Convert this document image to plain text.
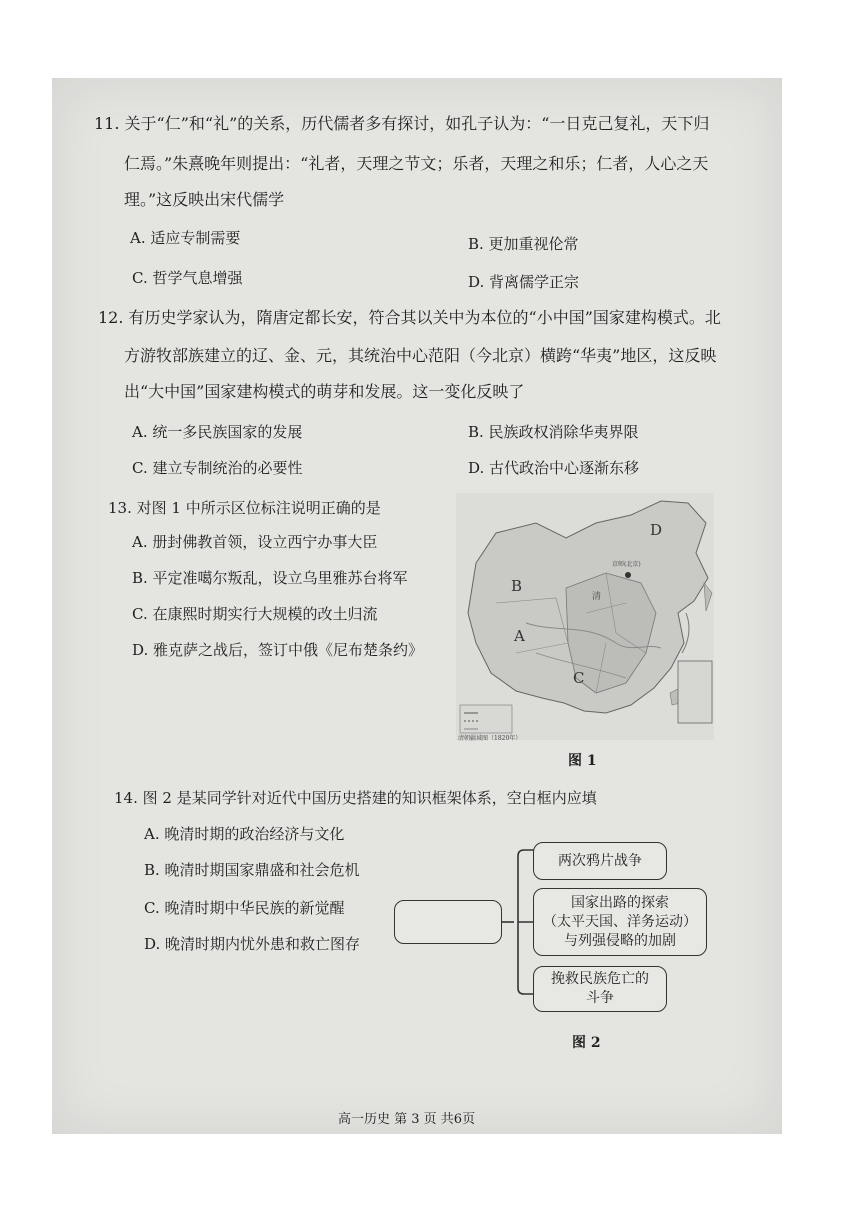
11. 关于“仁”和“礼”的关系，历代儒者多有探讨，如孔子认为：“一日克己复礼，天下归
仁焉。”朱熹晚年则提出：“礼者，天理之节文；乐者，天理之和乐；仁者，人心之天
理。”这反映出宋代儒学
A. 适应专制需要	B. 更加重视伦常
C. 哲学气息增强	D. 背离儒学正宗
12. 有历史学家认为，隋唐定都长安，符合其以关中为本位的“小中国”国家建构模式。北
方游牧部族建立的辽、金、元，其统治中心范阳（今北京）横跨“华夷”地区，这反映
出“大中国”国家建构模式的萌芽和发展。这一变化反映了
A. 统一多民族国家的发展	B. 民族政权消除华夷界限
C. 建立专制统治的必要性	D. 古代政治中心逐渐东移
13. 对图 1 中所示区位标注说明正确的是
A. 册封佛教首领，设立西宁办事大臣
B. 平定准噶尔叛乱，设立乌里雅苏台将军
C. 在康熙时期实行大规模的改土归流
D. 雅克萨之战后，签订中俄《尼布楚条约》
B
A
C
D
清
京师(北京)
清朝疆域图（1820年）
图 1
14. 图 2 是某同学针对近代中国历史搭建的知识框架体系，空白框内应填
A. 晚清时期的政治经济与文化
B. 晚清时期国家鼎盛和社会危机
C. 晚清时期中华民族的新觉醒
D. 晚清时期内忧外患和救亡图存
两次鸦片战争
国家出路的探索
（太平天国、洋务运动）
与列强侵略的加剧
挽救民族危亡的
斗争
图 2
高一历史 第 3 页 共6页
